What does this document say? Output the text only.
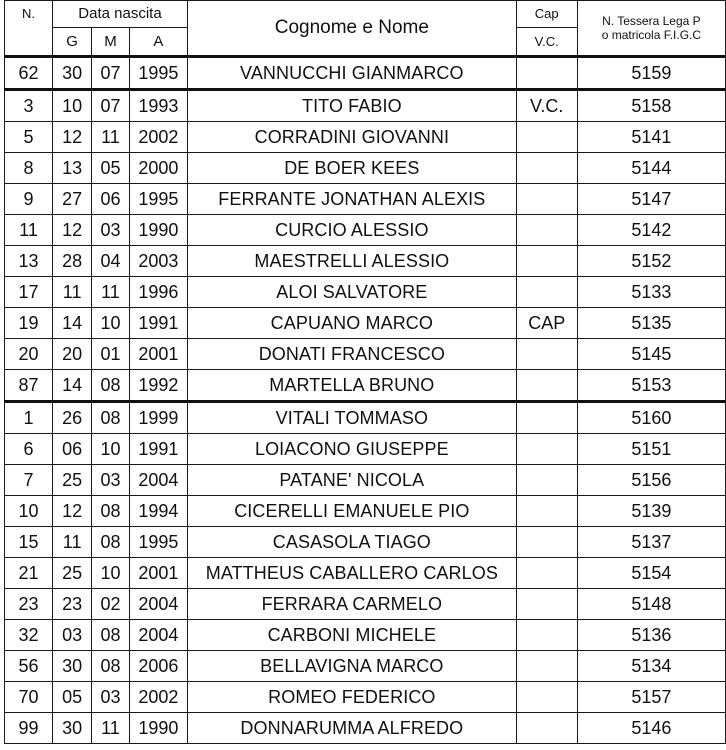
N.	Data nascita			Cognome e Nome	Cap	N. Tessera Lega P
o matricola F.I.G.C

	G	M	A		V.C.	
62	30	07	1995	VANNUCCHI GIANMARCO		5159
3	10	07	1993	TITO FABIO	V.C.	5158
5	12	11	2002	CORRADINI GIOVANNI		5141
8	13	05	2000	DE BOER KEES		5144
9	27	06	1995	FERRANTE JONATHAN ALEXIS		5147
11	12	03	1990	CURCIO ALESSIO		5142
13	28	04	2003	MAESTRELLI ALESSIO		5152
17	11	11	1996	ALOI SALVATORE		5133
19	14	10	1991	CAPUANO MARCO	CAP	5135
20	20	01	2001	DONATI FRANCESCO		5145
87	14	08	1992	MARTELLA BRUNO		5153
1	26	08	1999	VITALI TOMMASO		5160
6	06	10	1991	LOIACONO GIUSEPPE		5151
7	25	03	2004	PATANE' NICOLA		5156
10	12	08	1994	CICERELLI EMANUELE PIO		5139
15	11	08	1995	CASASOLA TIAGO		5137
21	25	10	2001	MATTHEUS CABALLERO CARLOS		5154
23	23	02	2004	FERRARA CARMELO		5148
32	03	08	2004	CARBONI MICHELE		5136
56	30	08	2006	BELLAVIGNA MARCO		5134
70	05	03	2002	ROMEO FEDERICO		5157
99	30	11	1990	DONNARUMMA ALFREDO		5146
